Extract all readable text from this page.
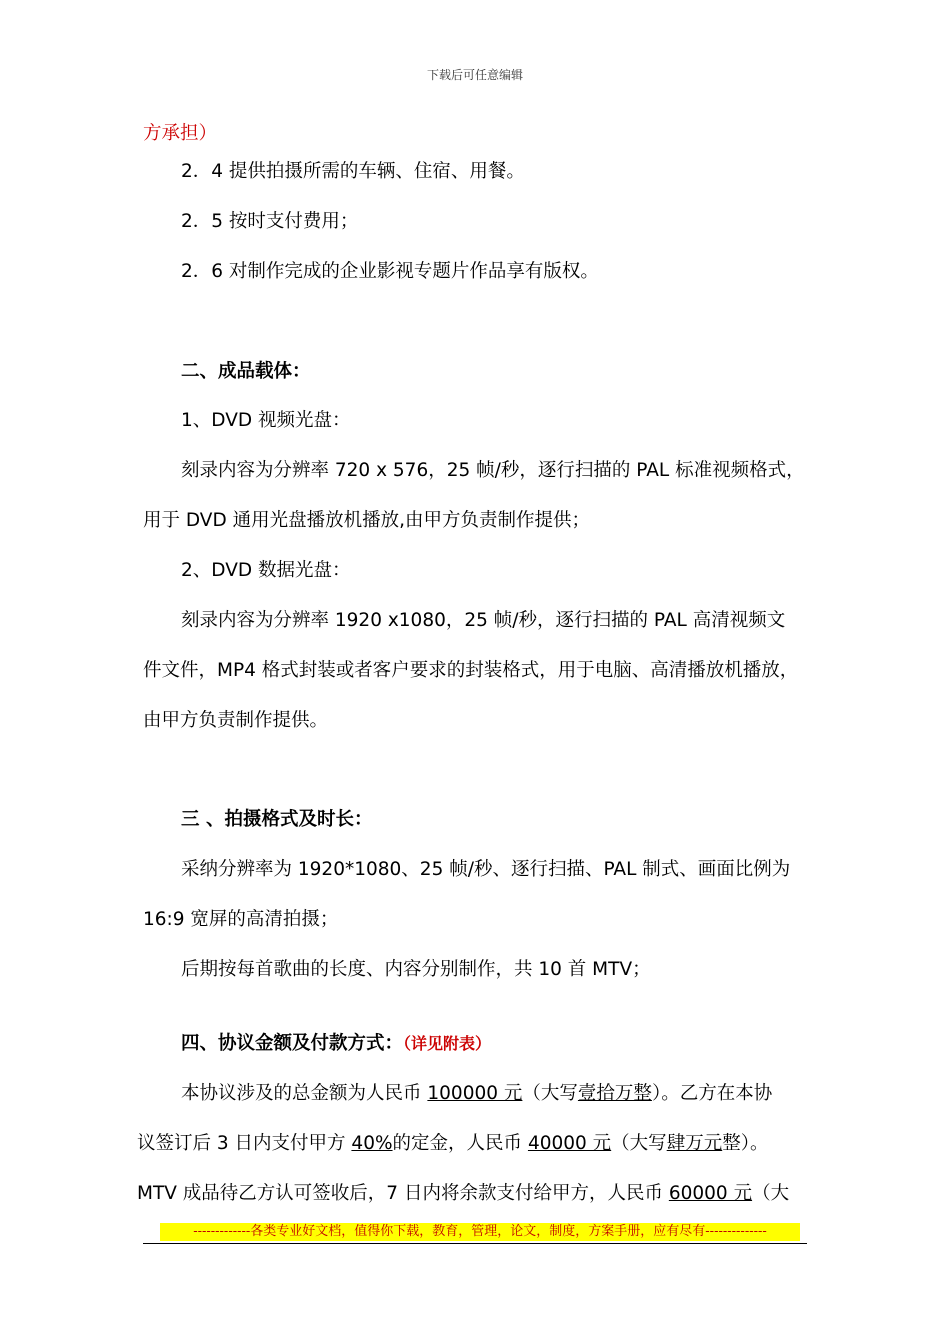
下载后可任意编辑
方承担）
2．4 提供拍摄所需的车辆、住宿、用餐。
2．5 按时支付费用；
2．6 对制作完成的企业影视专题片作品享有版权。
二、成品载体：
1、DVD 视频光盘：
刻录内容为分辨率 720 x 576，25 帧/秒，逐行扫描的 PAL 标准视频格式，
用于 DVD 通用光盘播放机播放,由甲方负责制作提供；
2、DVD 数据光盘：
刻录内容为分辨率 1920 x1080，25 帧/秒，逐行扫描的 PAL 高清视频文
件文件，MP4 格式封装或者客户要求的封装格式，用于电脑、高清播放机播放，
由甲方负责制作提供。
三 、拍摄格式及时长：
采纳分辨率为 1920*1080、25 帧/秒、逐行扫描、PAL 制式、画面比例为
16:9 宽屏的高清拍摄；
后期按每首歌曲的长度、内容分别制作，共 10 首 MTV；
四、协议金额及付款方式：（详见附表）
本协议涉及的总金额为人民币 100000 元（大写壹拾万整）。乙方在本协
议签订后 3 日内支付甲方 40%的定金，人民币 40000 元（大写肆万元整）。
MTV 成品待乙方认可签收后，7 日内将余款支付给甲方，人民币 60000 元（大
-------------各类专业好文档，值得你下载，教育，管理，论文，制度，方案手册，应有尽有--------------
